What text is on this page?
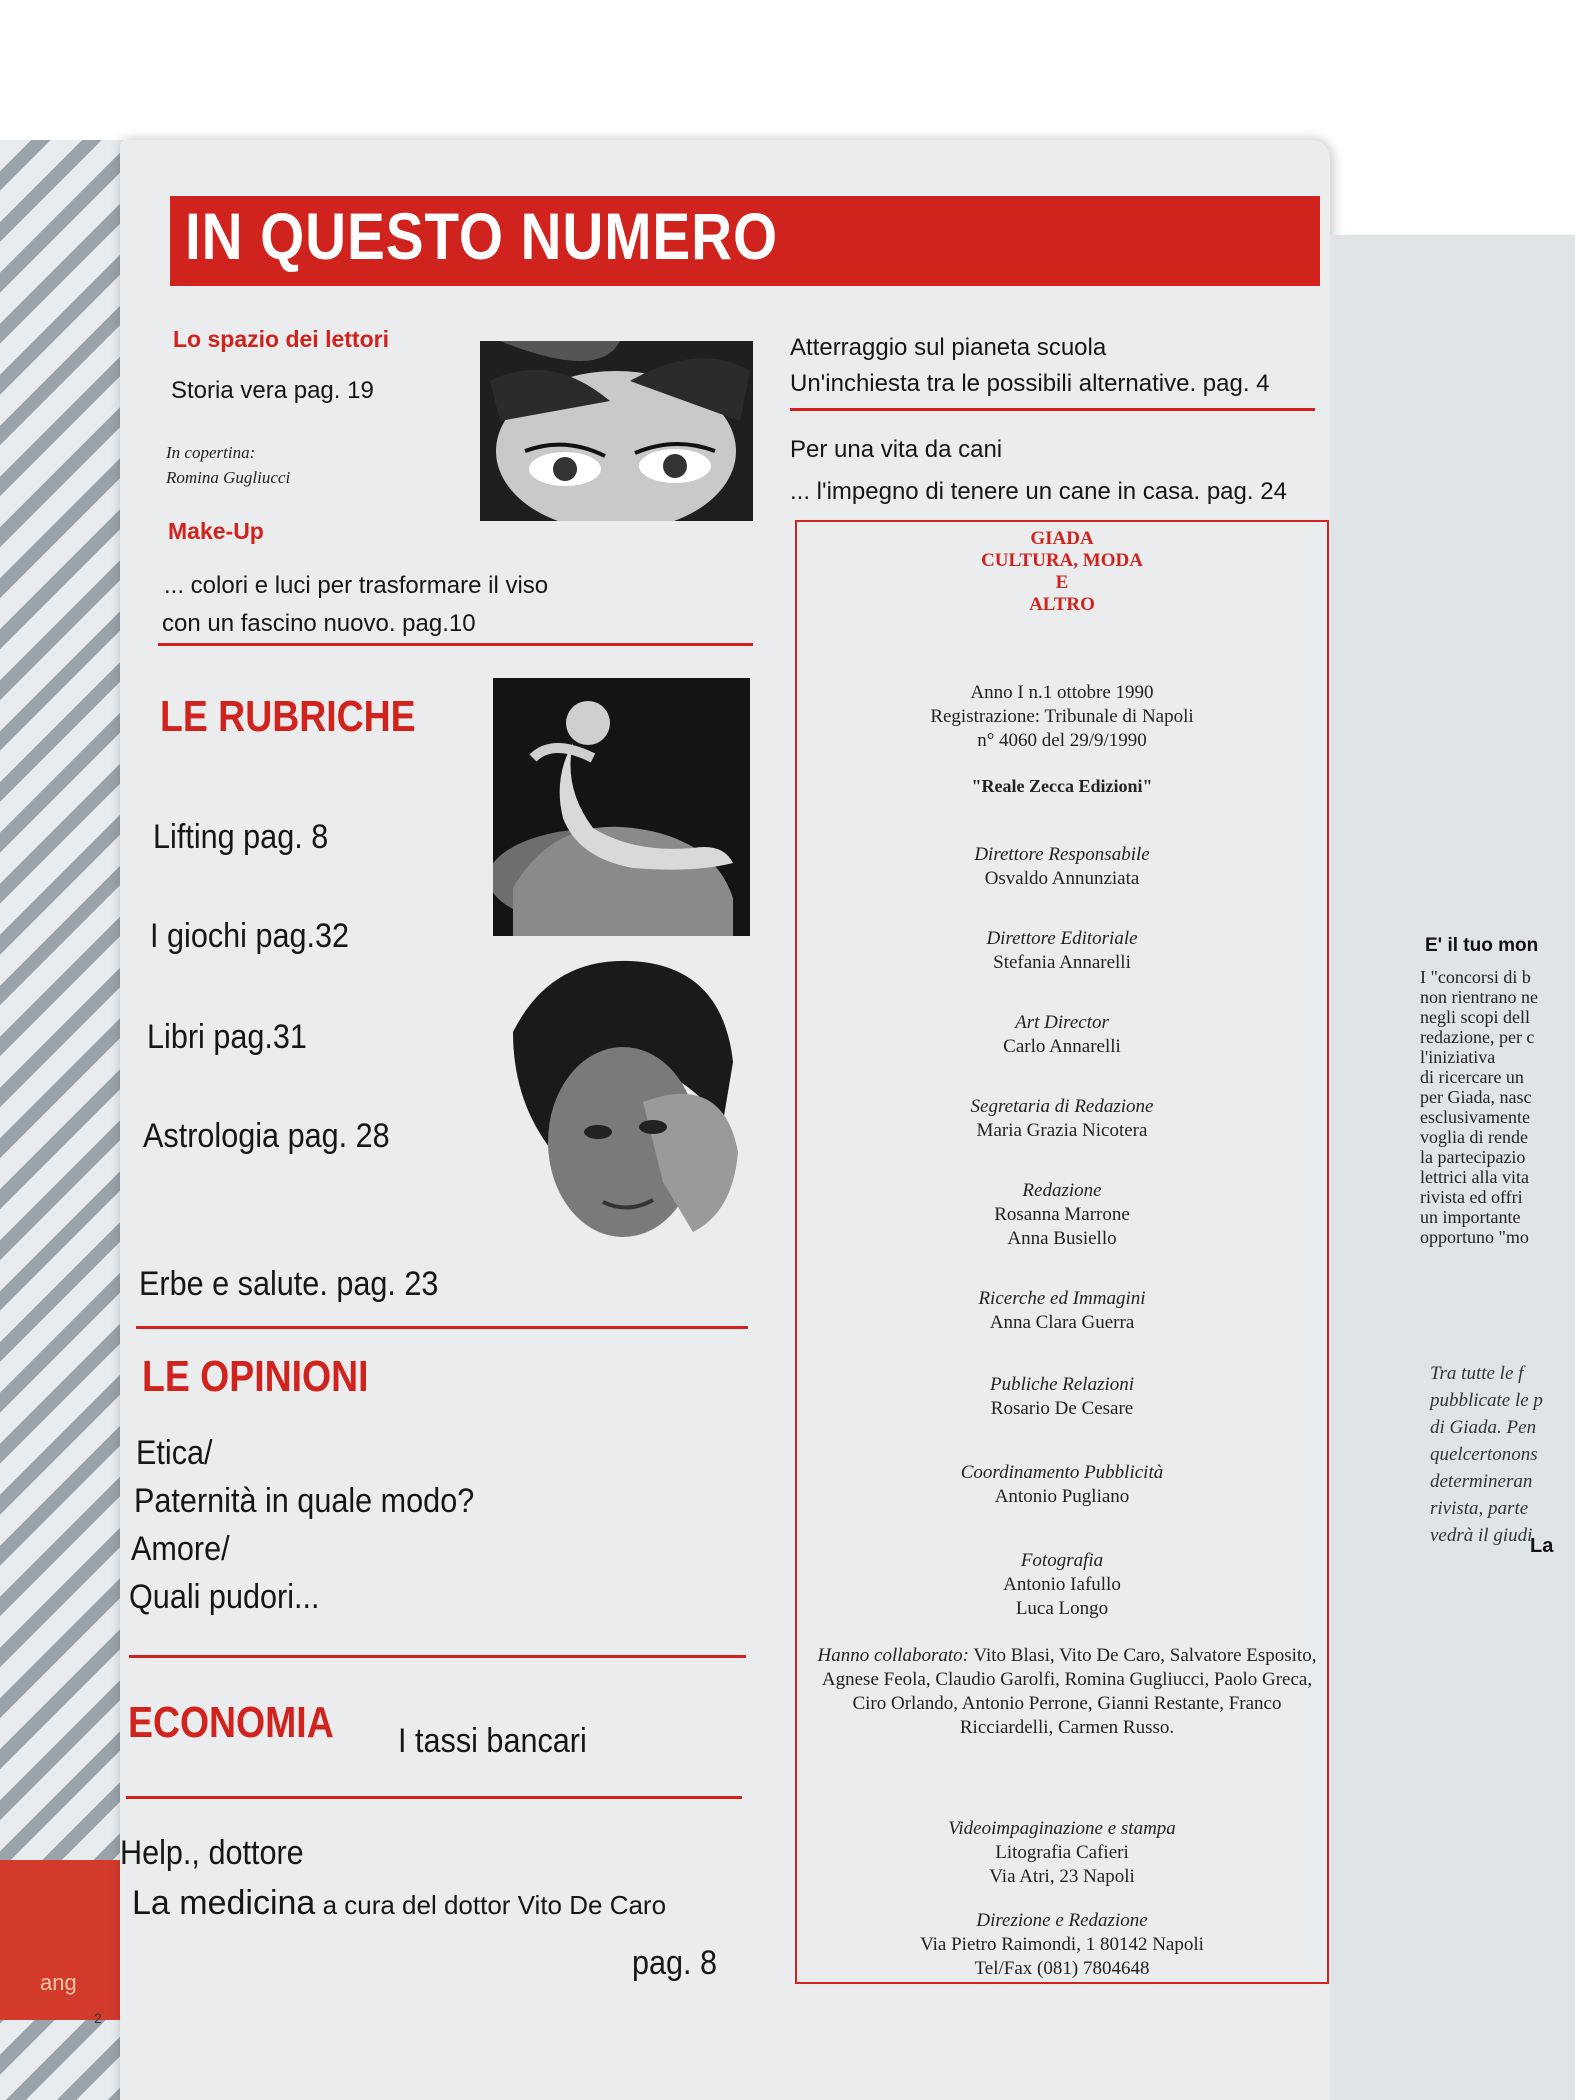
ang
E' il tuo mon
I "concorsi di b
non rientrano ne
negli scopi dell
redazione, per c
l'iniziativa
di ricercare un
per Giada, nasc
esclusivamente
voglia di rende
la partecipazio
lettrici alla vita
rivista ed offri
un importante
opportuno "mo
Tra tutte le f
pubblicate le p
di Giada. Pen
quelcertonons
determineran
rivista, parte
vedrà il giudi
La
IN QUESTO NUMERO
Lo spazio dei lettori
Storia vera pag. 19
In copertina:
Romina Gugliucci
Make-Up
... colori e luci per trasformare il viso
con un fascino nuovo. pag.10
Atterraggio sul pianeta scuola
Un'inchiesta tra le possibili alternative. pag. 4
Per una vita da cani
... l'impegno di tenere un cane in casa. pag. 24
LE RUBRICHE
Lifting pag. 8
I giochi pag.32
Libri pag.31
Astrologia pag. 28
Erbe e salute. pag. 23
LE OPINIONI
Etica/
Paternità in quale modo?
Amore/
Quali pudori...
ECONOMIA I tassi bancari
Help., dottore
La medicina a cura del dottor Vito De Caro
pag. 8
GIADA
CULTURA, MODA
E
ALTRO
Anno I n.1 ottobre 1990
Registrazione: Tribunale di Napoli
n° 4060 del 29/9/1990
"Reale Zecca Edizioni"
Direttore Responsabile
Osvaldo Annunziata
Direttore Editoriale
Stefania Annarelli
Art Director
Carlo Annarelli
Segretaria di Redazione
Maria Grazia Nicotera
Redazione
Rosanna Marrone
Anna Busiello
Ricerche ed Immagini
Anna Clara Guerra
Publiche Relazioni
Rosario De Cesare
Coordinamento Pubblicità
Antonio Pugliano
Fotografia
Antonio Iafullo
Luca Longo
Hanno collaborato: Vito Blasi, Vito De Caro, Salvatore Esposito, Agnese Feola, Claudio Garolfi, Romina Gugliucci, Paolo Greca, Ciro Orlando, Antonio Perrone, Gianni Restante, Franco Ricciardelli, Carmen Russo.
Videoimpaginazione e stampa
Litografia Cafieri
Via Atri, 23 Napoli
Direzione e Redazione
Via Pietro Raimondi, 1 80142 Napoli
Tel/Fax (081) 7804648
2
